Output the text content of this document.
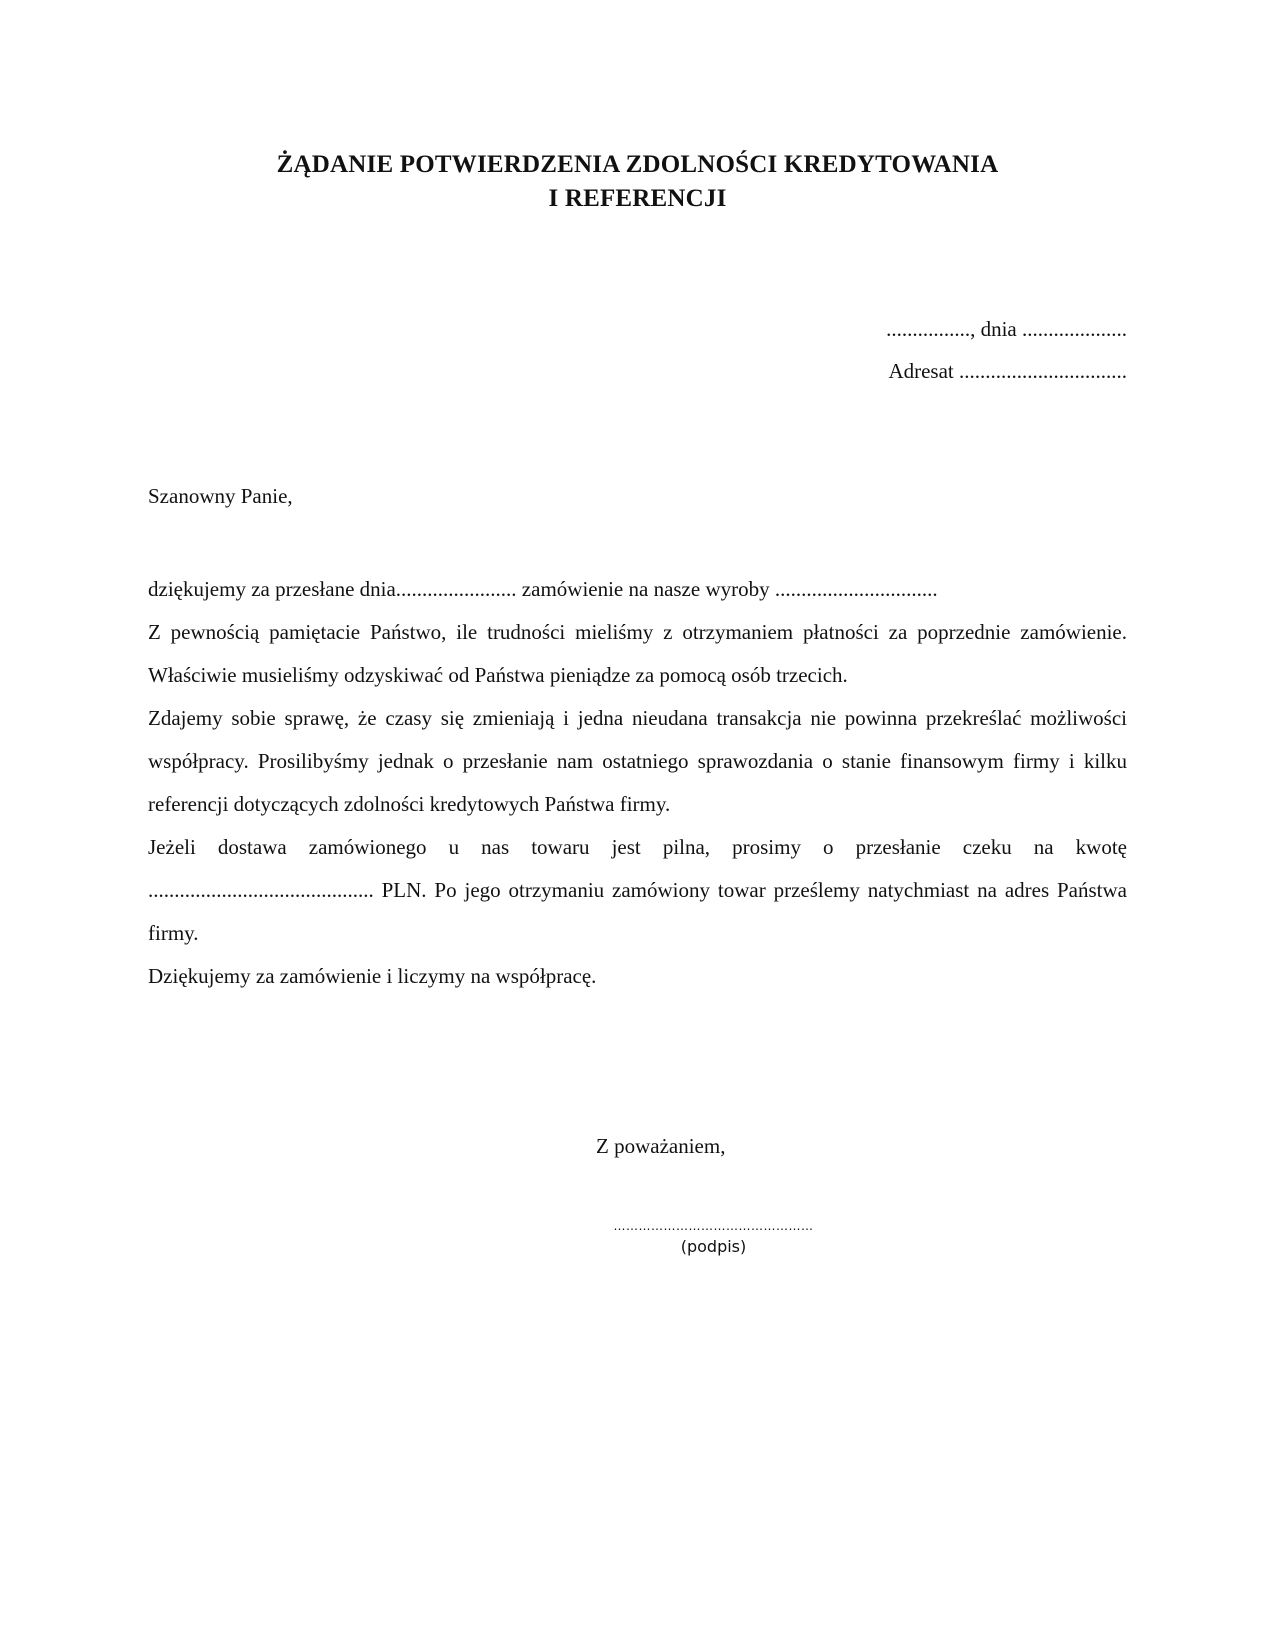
ŻĄDANIE POTWIERDZENIA ZDOLNOŚCI KREDYTOWANIA
I REFERENCJI
................, dnia ....................
Adresat ................................
Szanowny Panie,

dziękujemy za przesłane dnia....................... zamówienie na nasze wyroby ...............................

Z pewnością pamiętacie Państwo, ile trudności mieliśmy z otrzymaniem płatności za poprzednie zamówienie. Właściwie musieliśmy odzyskiwać od Państwa pieniądze za pomocą osób trzecich.

Zdajemy sobie sprawę, że czasy się zmieniają i jedna nieudana transakcja nie powinna przekreślać możliwości współpracy. Prosilibyśmy jednak o przesłanie nam ostatniego sprawozdania o stanie finansowym firmy i kilku referencji dotyczących zdolności kredytowych Państwa firmy.

Jeżeli dostawa zamówionego u nas towaru jest pilna, prosimy o przesłanie czeku na kwotę ........................................... PLN. Po jego otrzymaniu zamówiony towar prześlemy natychmiast na adres Państwa firmy.

Dziękujemy za zamówienie i liczymy na współpracę.

Z poważaniem,
…………………………………………
(podpis)
